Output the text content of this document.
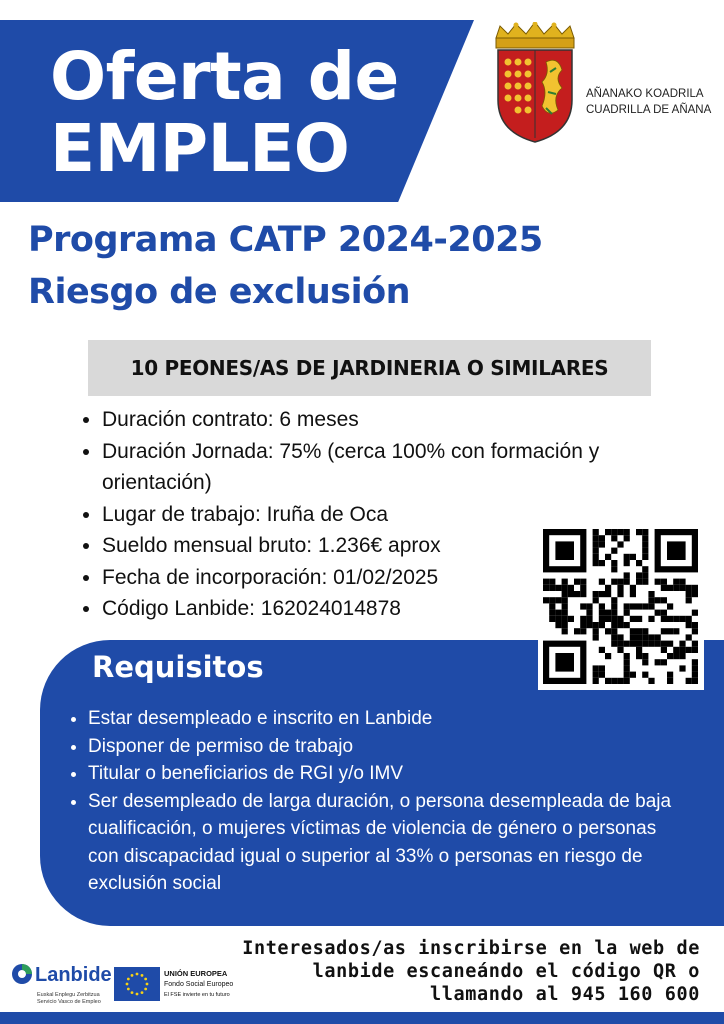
Oferta de
EMPLEO
AÑANAKO KOADRILA
CUADRILLA DE AÑANA
Programa CATP 2024-2025
Riesgo de exclusión
10 PEONES/AS DE JARDINERIA O SIMILARES
• Duración contrato: 6 meses
• Duración Jornada: 75% (cerca 100% con formación y orientación)
• Lugar de trabajo: Iruña de Oca
• Sueldo mensual bruto: 1.236€ aprox
• Fecha de incorporación: 01/02/2025
• Código Lanbide: 162024014878
Requisitos
• Estar desempleado e inscrito en Lanbide
• Disponer de permiso de trabajo
• Titular o beneficiarios de RGI y/o IMV
• Ser desempleado de larga duración, o persona desempleada de baja cualificación, o mujeres víctimas de violencia de género o personas con discapacidad igual o superior al 33% o personas en riesgo de exclusión social
Interesados/as inscribirse en la web de
lanbide escaneándo el código QR o
llamando al 945 160 600
Lanbide
Euskal Enplegu Zerbitzua
Servicio Vasco de Empleo
UNIÓN EUROPEA
Fondo Social Europeo
El FSE invierte en tu futuro
